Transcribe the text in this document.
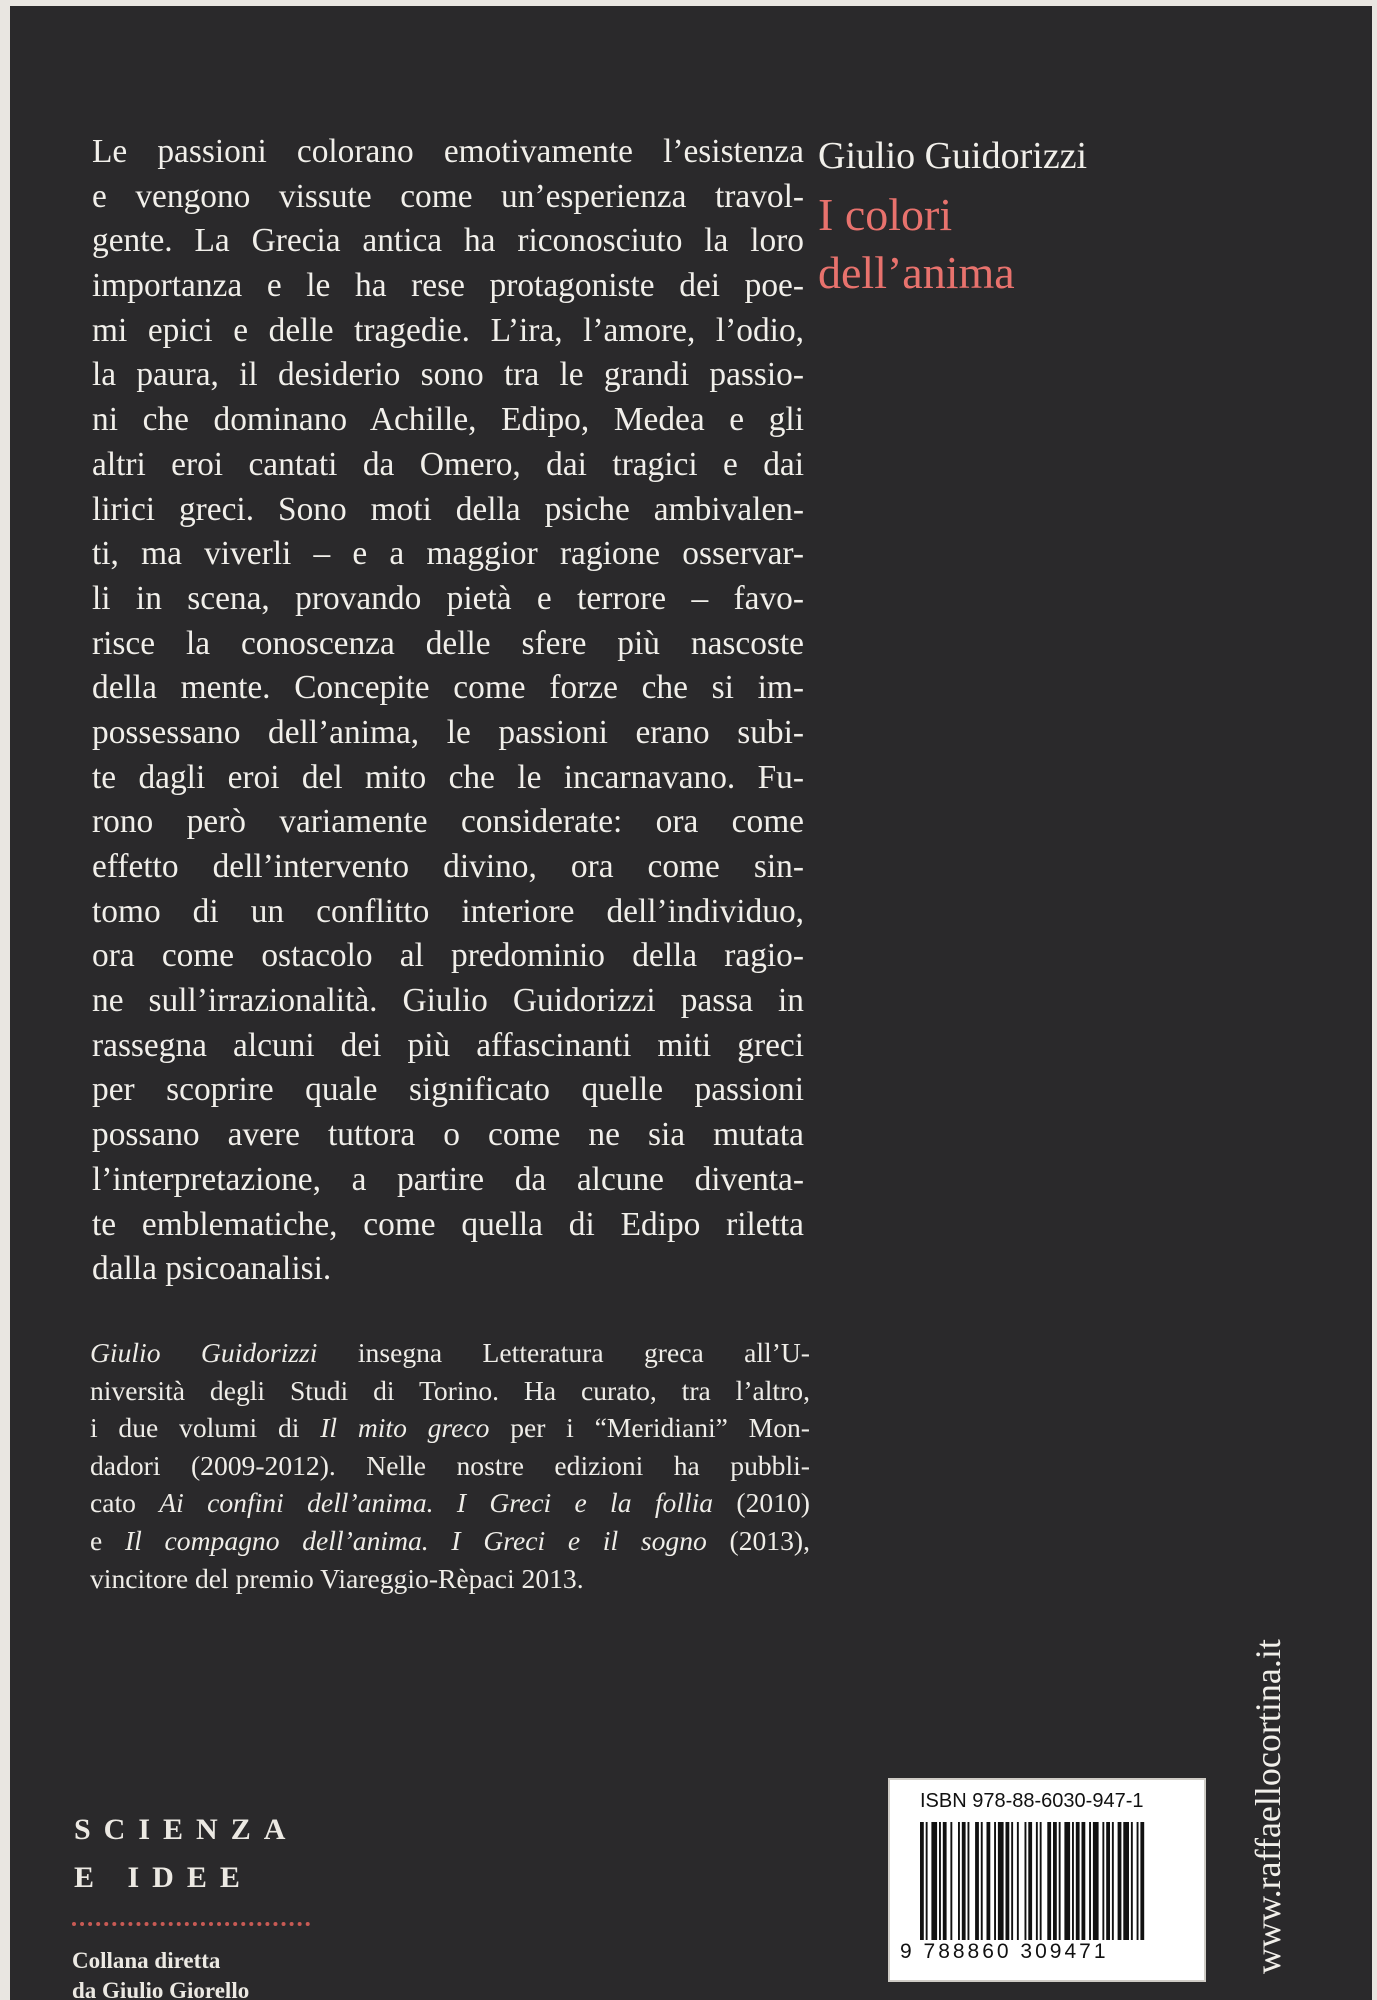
Le passioni colorano emotivamente l’esistenza
e vengono vissute come un’esperienza travol-
gente. La Grecia antica ha riconosciuto la loro
importanza e le ha rese protagoniste dei poe-
mi epici e delle tragedie. L’ira, l’amore, l’odio,
la paura, il desiderio sono tra le grandi passio-
ni che dominano Achille, Edipo, Medea e gli
altri eroi cantati da Omero, dai tragici e dai
lirici greci. Sono moti della psiche ambivalen-
ti, ma viverli – e a maggior ragione osservar-
li in scena, provando pietà e terrore – favo-
risce la conoscenza delle sfere più nascoste
della mente. Concepite come forze che si im-
possessano dell’anima, le passioni erano subi-
te dagli eroi del mito che le incarnavano. Fu-
rono però variamente considerate: ora come
effetto dell’intervento divino, ora come sin-
tomo di un conflitto interiore dell’individuo,
ora come ostacolo al predominio della ragio-
ne sull’irrazionalità. Giulio Guidorizzi passa in
rassegna alcuni dei più affascinanti miti greci
per scoprire quale significato quelle passioni
possano avere tuttora o come ne sia mutata
l’interpretazione, a partire da alcune diventa-
te emblematiche, come quella di Edipo riletta
dalla psicoanalisi.
Giulio Guidorizzi insegna Letteratura greca all’U-
niversità degli Studi di Torino. Ha curato, tra l’altro,
i due volumi di Il mito greco per i “Meridiani” Mon-
dadori (2009-2012). Nelle nostre edizioni ha pubbli-
cato Ai confini dell’anima. I Greci e la follia (2010)
e Il compagno dell’anima. I Greci e il sogno (2013),
vincitore del premio Viareggio-Rèpaci 2013.
Giulio Guidorizzi
I colori
dell’anima
SCIENZA
E IDEE
Collana diretta
da Giulio Giorello
ISBN 978-88-6030-947-1
9 788860 309471	www.raffaellocortina.it
